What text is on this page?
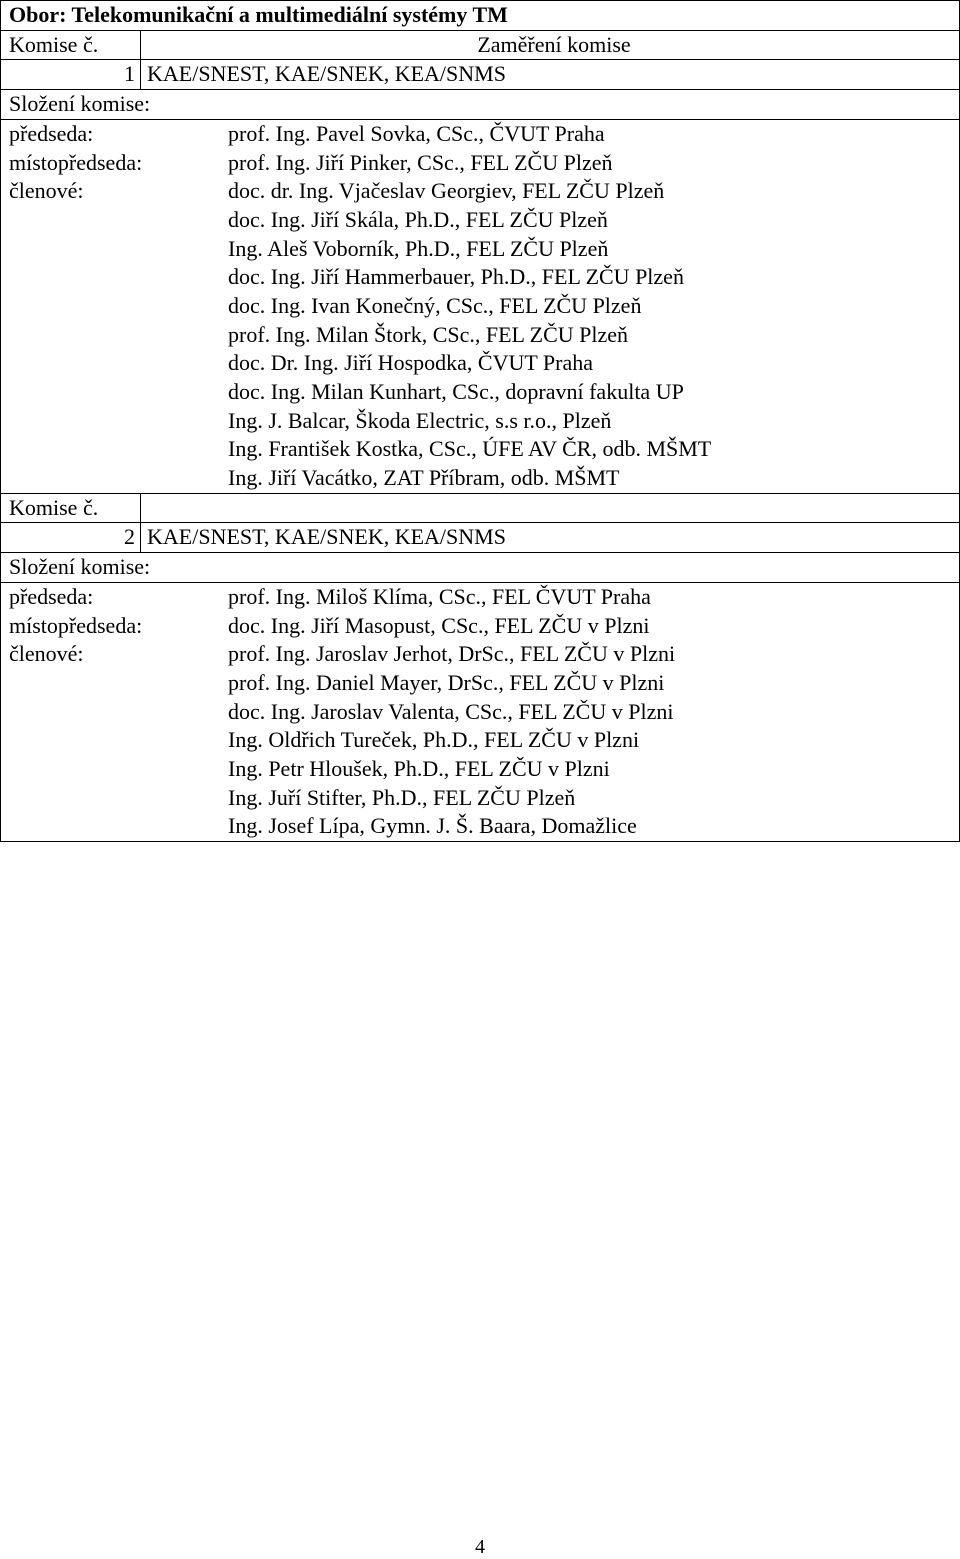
Obor: Telekomunikační a multimediální systémy TM
Komise č.	Zaměření komise
1 KAE/SNEST, KAE/SNEK, KEA/SNMS
Složení komise:
předseda:
místopředseda:
členové:
prof. Ing. Pavel Sovka, CSc., ČVUT Praha
prof. Ing. Jiří Pinker, CSc., FEL ZČU Plzeň
doc. dr. Ing. Vjačeslav Georgiev, FEL ZČU Plzeň
doc. Ing. Jiří Skála, Ph.D., FEL ZČU Plzeň
Ing. Aleš Voborník, Ph.D., FEL ZČU Plzeň
doc. Ing. Jiří Hammerbauer, Ph.D., FEL ZČU Plzeň
doc. Ing. Ivan Konečný, CSc., FEL ZČU Plzeň
prof. Ing. Milan Štork, CSc., FEL ZČU Plzeň
doc. Dr. Ing. Jiří Hospodka, ČVUT Praha
doc. Ing. Milan Kunhart, CSc., dopravní fakulta UP
Ing. J. Balcar, Škoda Electric, s.s r.o., Plzeň
Ing. František Kostka, CSc., ÚFE AV ČR, odb. MŠMT
Ing. Jiří Vacátko, ZAT Příbram, odb. MŠMT
Komise č.
2 KAE/SNEST, KAE/SNEK, KEA/SNMS
Složení komise:
předseda:
místopředseda:
členové:
prof. Ing. Miloš Klíma, CSc., FEL ČVUT Praha
doc. Ing. Jiří Masopust, CSc., FEL ZČU v Plzni
prof. Ing. Jaroslav Jerhot, DrSc., FEL ZČU v Plzni
prof. Ing. Daniel Mayer, DrSc., FEL ZČU v Plzni
doc. Ing. Jaroslav Valenta, CSc., FEL ZČU v Plzni
Ing. Oldřich Tureček, Ph.D., FEL ZČU v Plzni
Ing. Petr Hloušek, Ph.D., FEL ZČU v Plzni
Ing. Juří Stifter, Ph.D., FEL ZČU Plzeň
Ing. Josef Lípa, Gymn. J. Š. Baara, Domažlice
4
